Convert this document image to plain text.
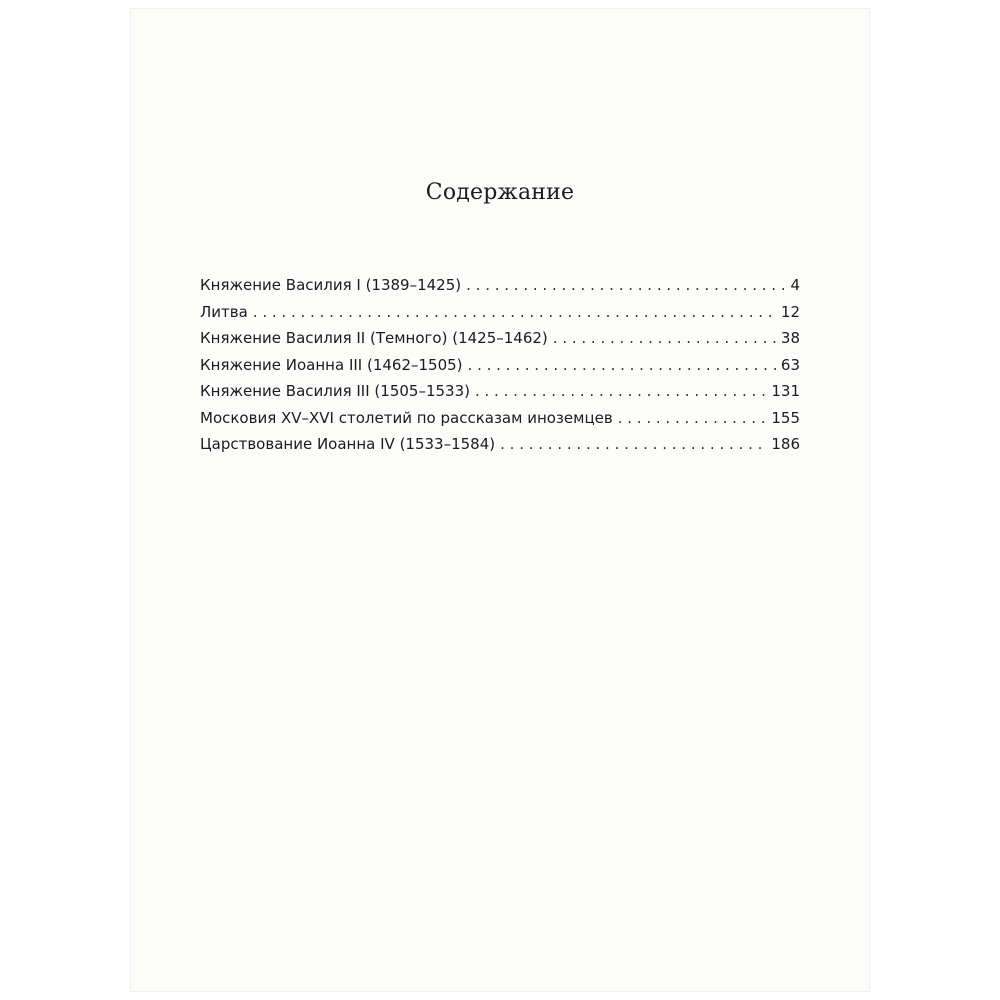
Содержание
Княжение Василия I (1389–1425) . . .	4
Литва . . .	12
Княжение Василия II (Темного) (1425–1462) . . .	38
Княжение Иоанна III (1462–1505) . . .	63
Княжение Василия III (1505–1533) . . .	131
Московия XV–XVI столетий по рассказам иноземцев . . .	155
Царствование Иоанна IV (1533–1584) . . .	186
